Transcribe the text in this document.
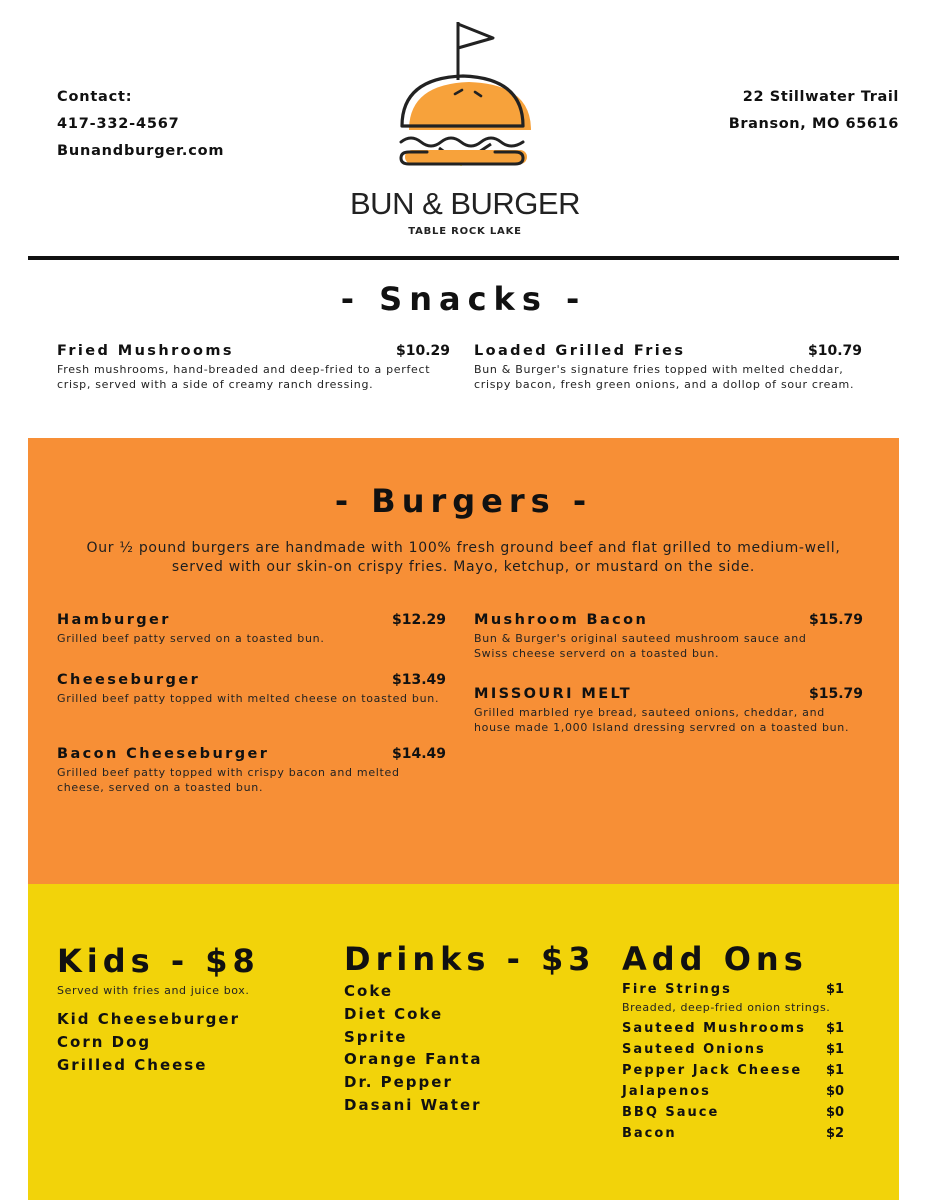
Contact:
417-332-4567
Bunandburger.com
BUN & BURGER
TABLE ROCK LAKE
22 Stillwater Trail
Branson, MO 65616
- Snacks -
Fried Mushrooms	$10.29
Fresh mushrooms, hand-breaded and deep-fried to a perfect crisp, served with a side of creamy ranch dressing.
Loaded Grilled Fries	$10.79
Bun & Burger's signature fries topped with melted cheddar, crispy bacon, fresh green onions, and a dollop of sour cream.
- Burgers -
Our ½ pound burgers are handmade with 100% fresh ground beef and flat grilled to medium-well, served with our skin-on crispy fries. Mayo, ketchup, or mustard on the side.
Hamburger	$12.29
Grilled beef patty served on a toasted bun.
Cheeseburger	$13.49
Grilled beef patty topped with melted cheese on toasted bun.
Bacon Cheeseburger	$14.49
Grilled beef patty topped with crispy bacon and melted cheese, served on a toasted bun.
Mushroom Bacon	$15.79
Bun & Burger's original sauteed mushroom sauce and Swiss cheese serverd on a toasted bun.
MISSOURI MELT	$15.79
Grilled marbled rye bread, sauteed onions, cheddar, and house made 1,000 Island dressing servred on a toasted bun.
Kids - $8
Served with fries and juice box.
Kid Cheeseburger
Corn Dog
Grilled Cheese
Drinks - $3
Coke
Diet Coke
Sprite
Orange Fanta
Dr. Pepper
Dasani Water
Add Ons
Fire Strings	$1
Breaded, deep-fried onion strings.
Sauteed Mushrooms $1
Sauteed Onions	$1
Pepper Jack Cheese $1
Jalapenos	$0
BBQ Sauce	$0
Bacon	$2
